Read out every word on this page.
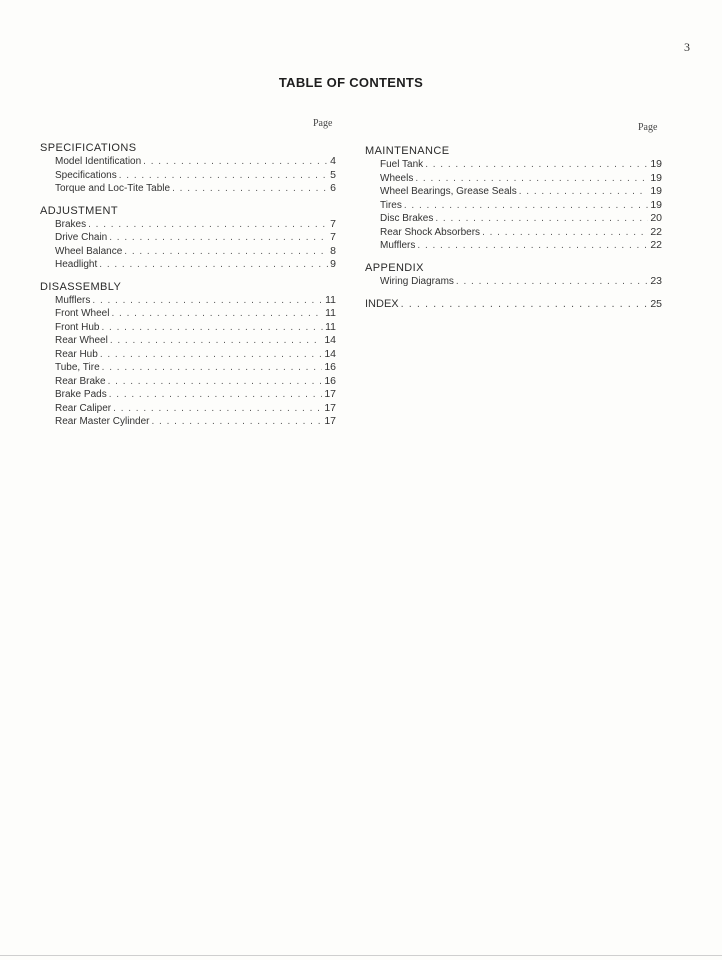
3
TABLE OF CONTENTS
Page	Page
SPECIFICATIONS
Model Identification . . .	4
Specifications . . .	5
Torque and Loc-Tite Table . . .	6
ADJUSTMENT
Brakes . . .	7
Drive Chain . . .	7
Wheel Balance . . .	8
Headlight . . .	9
DISASSEMBLY
Mufflers . . .	11
Front Wheel . . .	11
Front Hub . . .	11
Rear Wheel . . .	14
Rear Hub . . .	14
Tube, Tire . . .	16
Rear Brake . . .	16
Brake Pads . . .	17
Rear Caliper . . .	17
Rear Master Cylinder . . .	17
MAINTENANCE
Fuel Tank . . .	19
Wheels . . .	19
Wheel Bearings, Grease Seals . . .	19
Tires . . .	19
Disc Brakes . . .	20
Rear Shock Absorbers . . .	22
Mufflers . . .	22
APPENDIX
Wiring Diagrams . . .	23
INDEX . . .	25
